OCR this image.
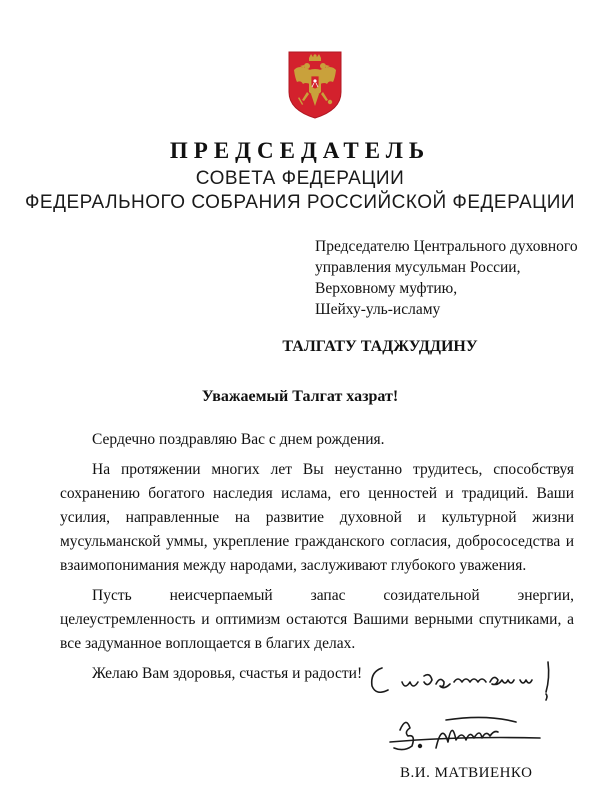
ПРЕДСЕДАТЕЛЬ
СОВЕТА ФЕДЕРАЦИИ
ФЕДЕРАЛЬНОГО СОБРАНИЯ РОССИЙСКОЙ ФЕДЕРАЦИИ
Председателю Центрального духовного
управления мусульман России,
Верховному муфтию,
Шейху-уль-исламу
ТАЛГАТУ ТАДЖУДДИНУ
Уважаемый Талгат хазрат!

Сердечно поздравляю Вас с днем рождения.

На протяжении многих лет Вы неустанно трудитесь, способствуя сохранению богатого наследия ислама, его ценностей и традиций. Ваши усилия, направленные на развитие духовной и культурной жизни мусульманской уммы, укрепление гражданского согласия, добрососедства и взаимопонимания между народами, заслуживают глубокого уважения.

Пусть неисчерпаемый запас созидательной энергии, целеустремленность и оптимизм остаются Вашими верными спутниками, а все задуманное воплощается в благих делах.

Желаю Вам здоровья, счастья и радости!

В.И. МАТВИЕНКО
